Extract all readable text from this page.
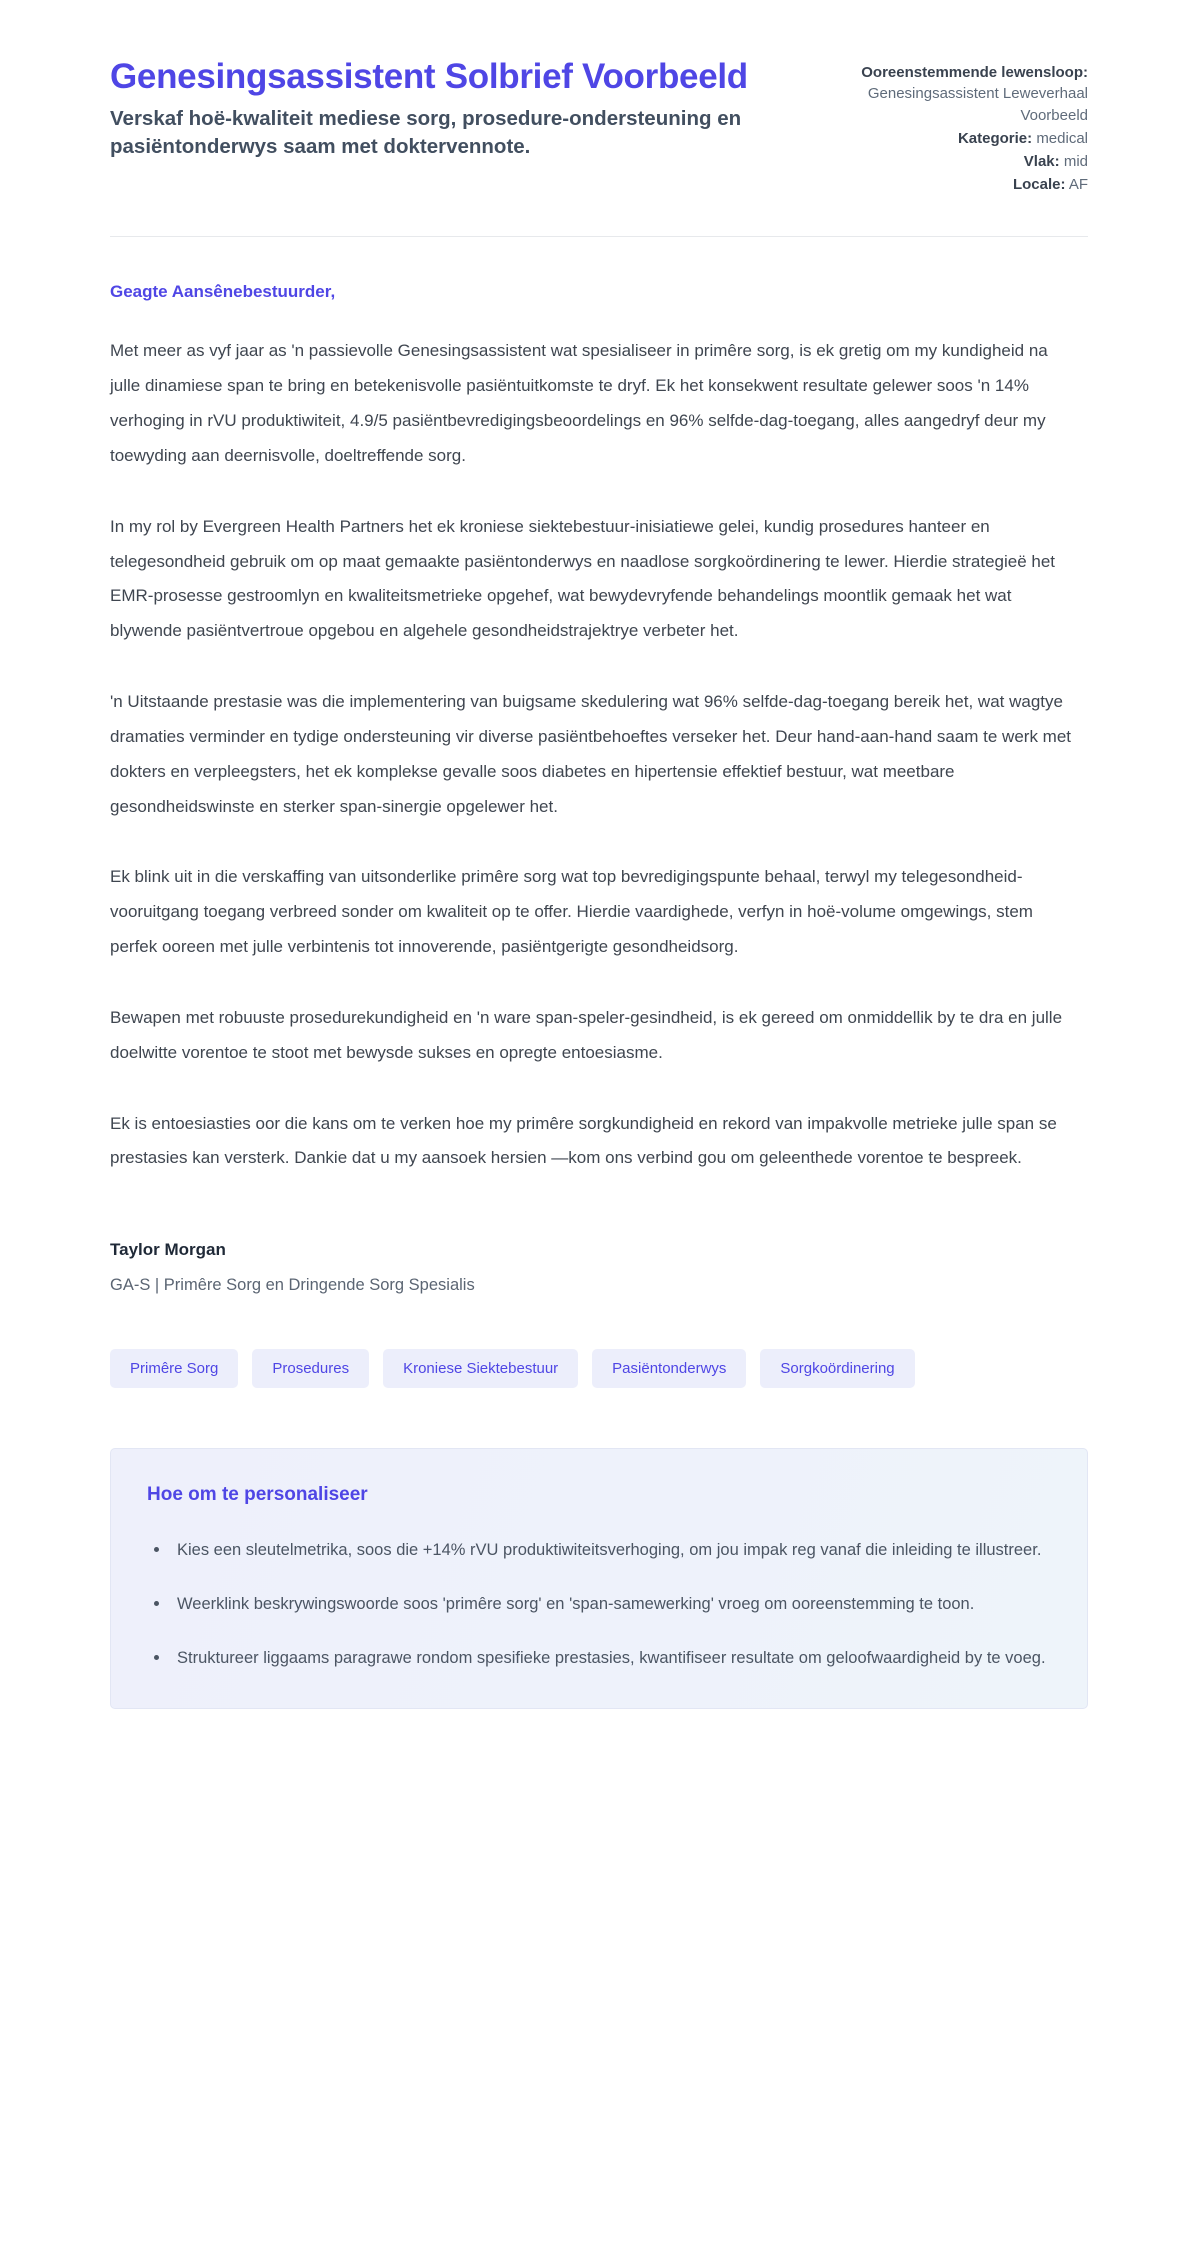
Genesingsassistent Solbrief Voorbeeld

Verskaf hoë-kwaliteit mediese sorg, prosedure-ondersteuning en pasiëntonderwys saam met doktervennote.

Ooreenstemmende lewensloop: Genesingsassistent Leweverhaal Voorbeeld
Kategorie: medical
Vlak: mid
Locale: AF

Geagte Aansênebestuurder,

Met meer as vyf jaar as 'n passievolle Genesingsassistent wat spesialiseer in primêre sorg, is ek gretig om my kundigheid na julle dinamiese span te bring en betekenisvolle pasiëntuitkomste te dryf. Ek het konsekwent resultate gelewer soos 'n 14% verhoging in rVU produktiwiteit, 4.9/5 pasiëntbevredigingsbeoordelings en 96% selfde-dag-toegang, alles aangedryf deur my toewyding aan deernisvolle, doeltreffende sorg.

In my rol by Evergreen Health Partners het ek kroniese siektebestuur-inisiatiewe gelei, kundig prosedures hanteer en telegesondheid gebruik om op maat gemaakte pasiëntonderwys en naadlose sorgkoördinering te lewer. Hierdie strategieë het EMR-prosesse gestroomlyn en kwaliteitsmetrieke opgehef, wat bewydevryfende behandelings moontlik gemaak het wat blywende pasiëntvertroue opgebou en algehele gesondheidstrajektrye verbeter het.

'n Uitstaande prestasie was die implementering van buigsame skedulering wat 96% selfde-dag-toegang bereik het, wat wagtye dramaties verminder en tydige ondersteuning vir diverse pasiëntbehoeftes verseker het. Deur hand-aan-hand saam te werk met dokters en verpleegsters, het ek komplekse gevalle soos diabetes en hipertensie effektief bestuur, wat meetbare gesondheidswinste en sterker span-sinergie opgelewer het.

Ek blink uit in die verskaffing van uitsonderlike primêre sorg wat top bevredigingspunte behaal, terwyl my telegesondheid-vooruitgang toegang verbreed sonder om kwaliteit op te offer. Hierdie vaardighede, verfyn in hoë-volume omgewings, stem perfek ooreen met julle verbintenis tot innoverende, pasiëntgerigte gesondheidsorg.

Bewapen met robuuste prosedurekundigheid en 'n ware span-speler-gesindheid, is ek gereed om onmiddellik by te dra en julle doelwitte vorentoe te stoot met bewysde sukses en opregte entoesiasme.

Ek is entoesiasties oor die kans om te verken hoe my primêre sorgkundigheid en rekord van impakvolle metrieke julle span se prestasies kan versterk. Dankie dat u my aansoek hersien —kom ons verbind gou om geleenthede vorentoe te bespreek.

Taylor Morgan

GA-S | Primêre Sorg en Dringende Sorg Spesialis

Primêre Sorg	Prosedures	Kroniese Siektebestuur	Pasiëntonderwys	Sorgkoördinering
Hoe om te personaliseer
Kies een sleutelmetrika, soos die +14% rVU produktiwiteitsverhoging, om jou impak reg vanaf die inleiding te illustreer.
Weerklink beskrywingswoorde soos 'primêre sorg' en 'span-samewerking' vroeg om ooreenstemming te toon.
Struktureer liggaams paragrawe rondom spesifieke prestasies, kwantifiseer resultate om geloofwaardigheid by te voeg.
